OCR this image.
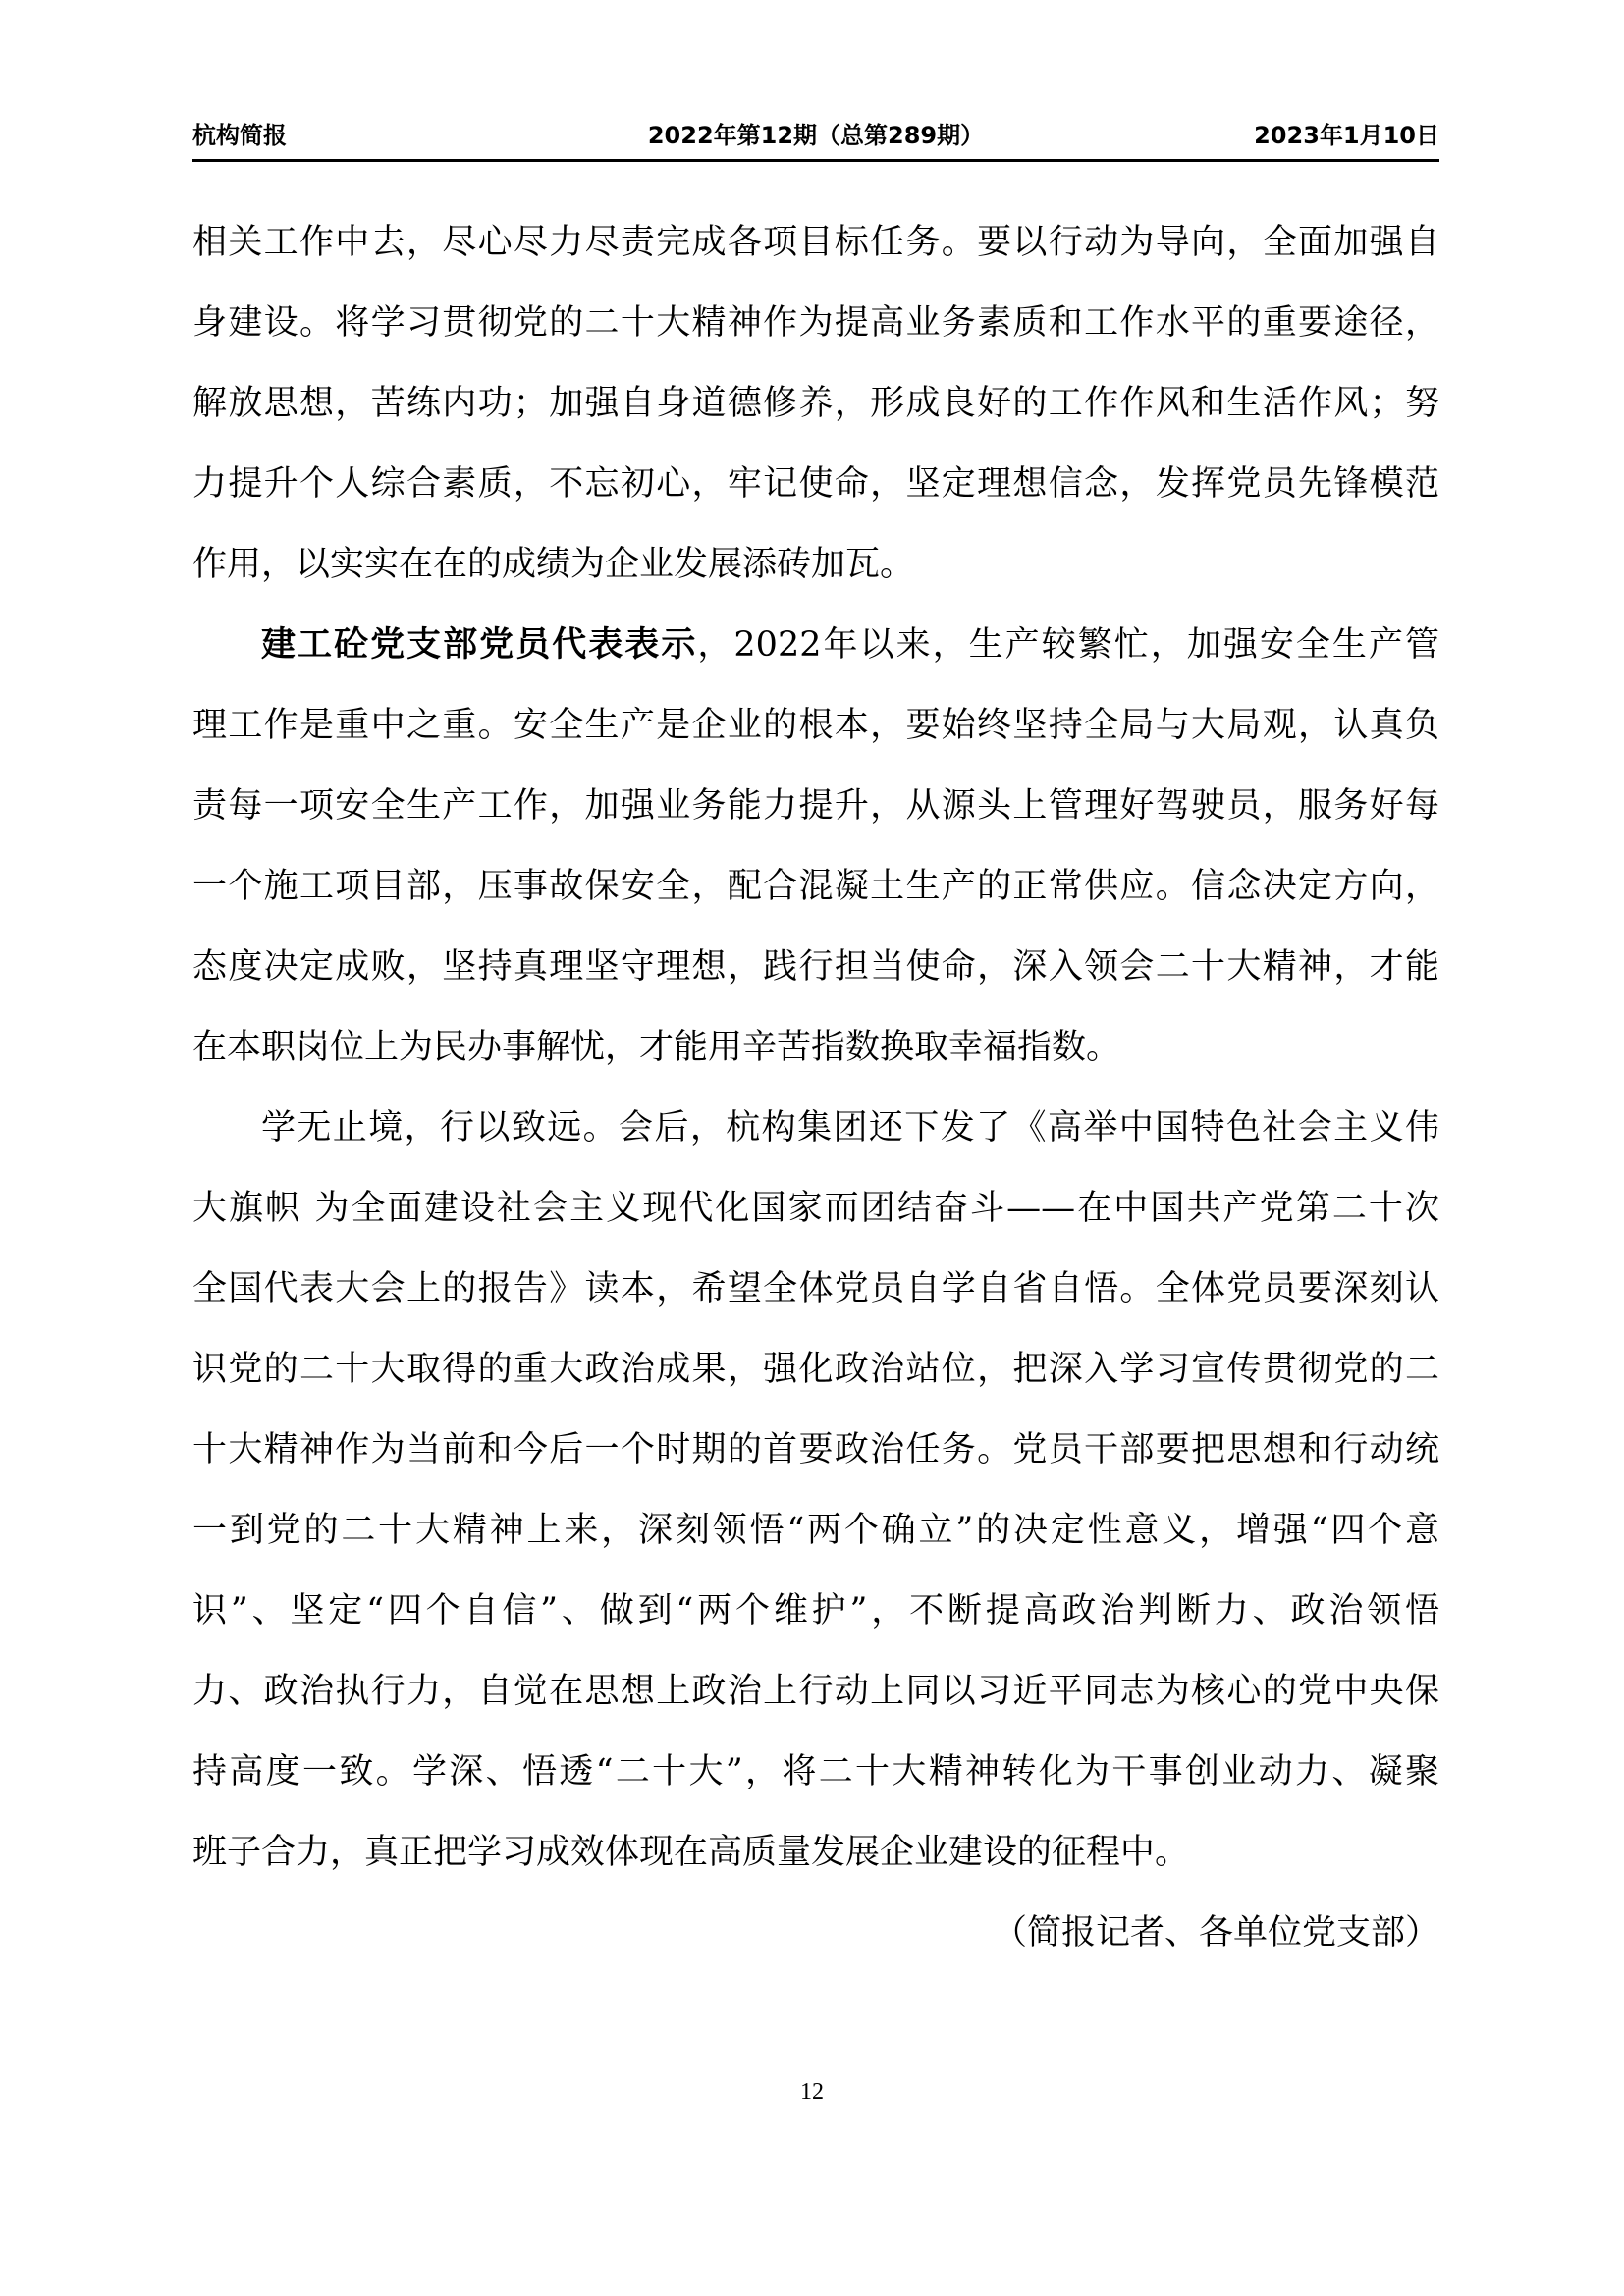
杭构简报	2022年第12期（总第289期）	2023年1月10日
相关工作中去，尽心尽力尽责完成各项目标任务。要以行动为导向，全面加强自
身建设。将学习贯彻党的二十大精神作为提高业务素质和工作水平的重要途径，
解放思想，苦练内功；加强自身道德修养，形成良好的工作作风和生活作风；努
力提升个人综合素质，不忘初心，牢记使命，坚定理想信念，发挥党员先锋模范
作用，以实实在在的成绩为企业发展添砖加瓦。
建工砼党支部党员代表表示，2022年以来，生产较繁忙，加强安全生产管
理工作是重中之重。安全生产是企业的根本，要始终坚持全局与大局观，认真负
责每一项安全生产工作，加强业务能力提升，从源头上管理好驾驶员，服务好每
一个施工项目部，压事故保安全，配合混凝土生产的正常供应。信念决定方向，
态度决定成败，坚持真理坚守理想，践行担当使命，深入领会二十大精神，才能
在本职岗位上为民办事解忧，才能用辛苦指数换取幸福指数。
学无止境，行以致远。会后，杭构集团还下发了《高举中国特色社会主义伟
大旗帜 为全面建设社会主义现代化国家而团结奋斗——在中国共产党第二十次
全国代表大会上的报告》读本，希望全体党员自学自省自悟。全体党员要深刻认
识党的二十大取得的重大政治成果，强化政治站位，把深入学习宣传贯彻党的二
十大精神作为当前和今后一个时期的首要政治任务。党员干部要把思想和行动统
一到党的二十大精神上来，深刻领悟“两个确立”的决定性意义，增强“四个意
识”、坚定“四个自信”、做到“两个维护”，不断提高政治判断力、政治领悟
力、政治执行力，自觉在思想上政治上行动上同以习近平同志为核心的党中央保
持高度一致。学深、悟透“二十大”，将二十大精神转化为干事创业动力、凝聚
班子合力，真正把学习成效体现在高质量发展企业建设的征程中。
（简报记者、各单位党支部）
12
